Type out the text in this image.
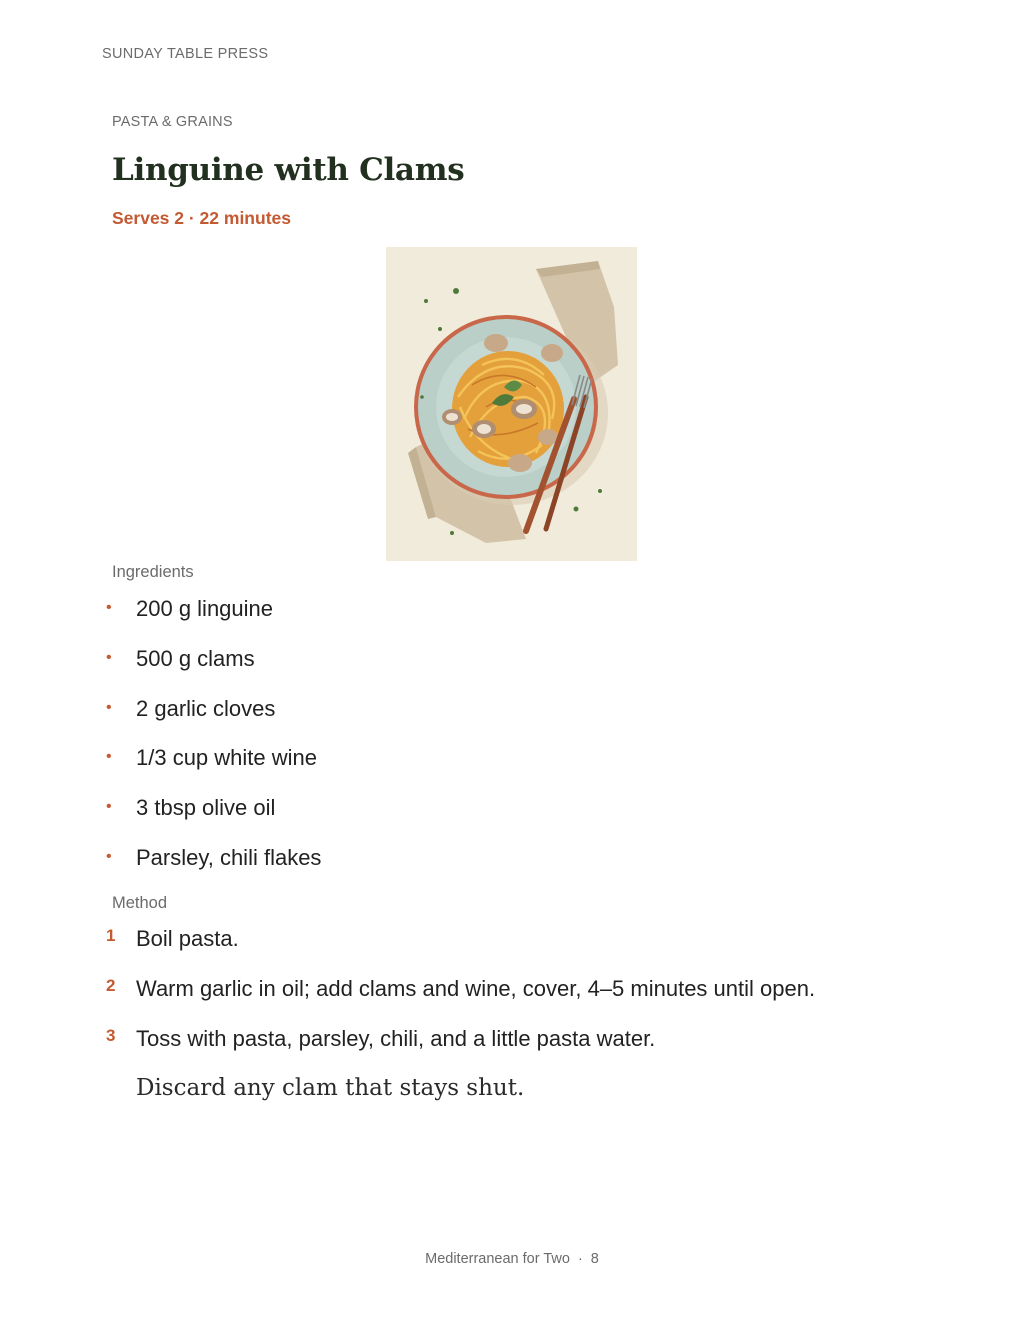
SUNDAY TABLE PRESS
PASTA & GRAINS
Linguine with Clams
Serves 2 · 22 minutes
Ingredients
• 200 g linguine
• 500 g clams
• 2 garlic cloves
• 1/3 cup white wine
• 3 tbsp olive oil
• Parsley, chili flakes
Method
1 Boil pasta.
2 Warm garlic in oil; add clams and wine, cover, 4–5 minutes until open.
3 Toss with pasta, parsley, chili, and a little pasta water.
Discard any clam that stays shut.
Mediterranean for Two · 8
